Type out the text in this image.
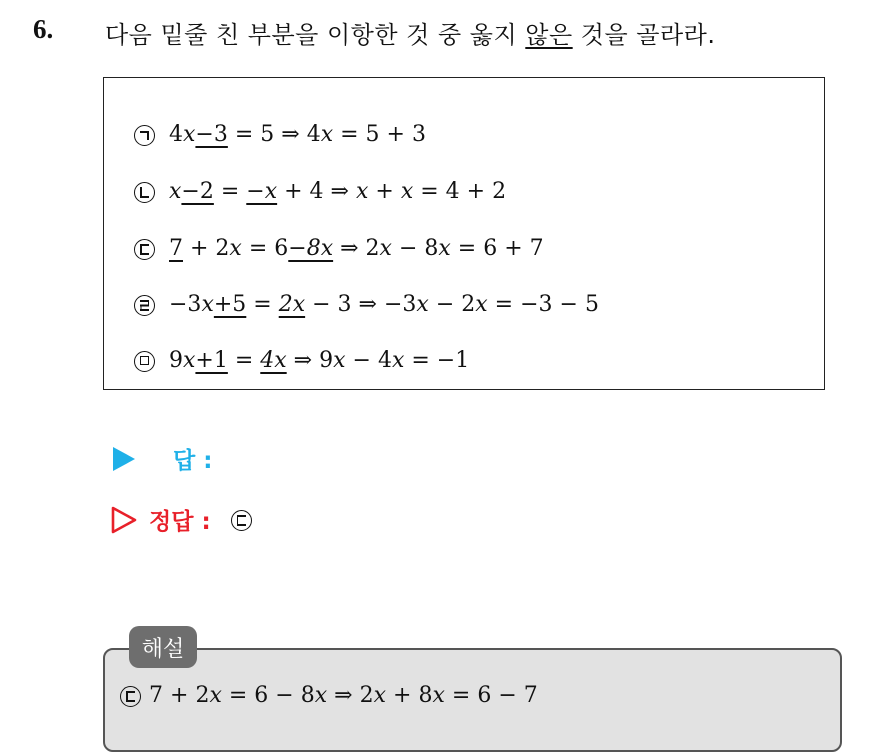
6. 다음 밑줄 친 부분을 이항한 것 중 옳지 않은 것을 골라라.
4x−3 = 5 ⇒ 4x = 5 + 3
x−2 = −x + 4 ⇒ x + x = 4 + 2
7 + 2x = 6−8x ⇒ 2x − 8x = 6 + 7
−3x+5 = 2x − 3 ⇒ −3x − 2x = −3 − 5
9x+1 = 4x ⇒ 9x − 4x = −1
답 :
정답 :
해설
7 + 2x = 6 − 8x ⇒ 2x + 8x = 6 − 7
